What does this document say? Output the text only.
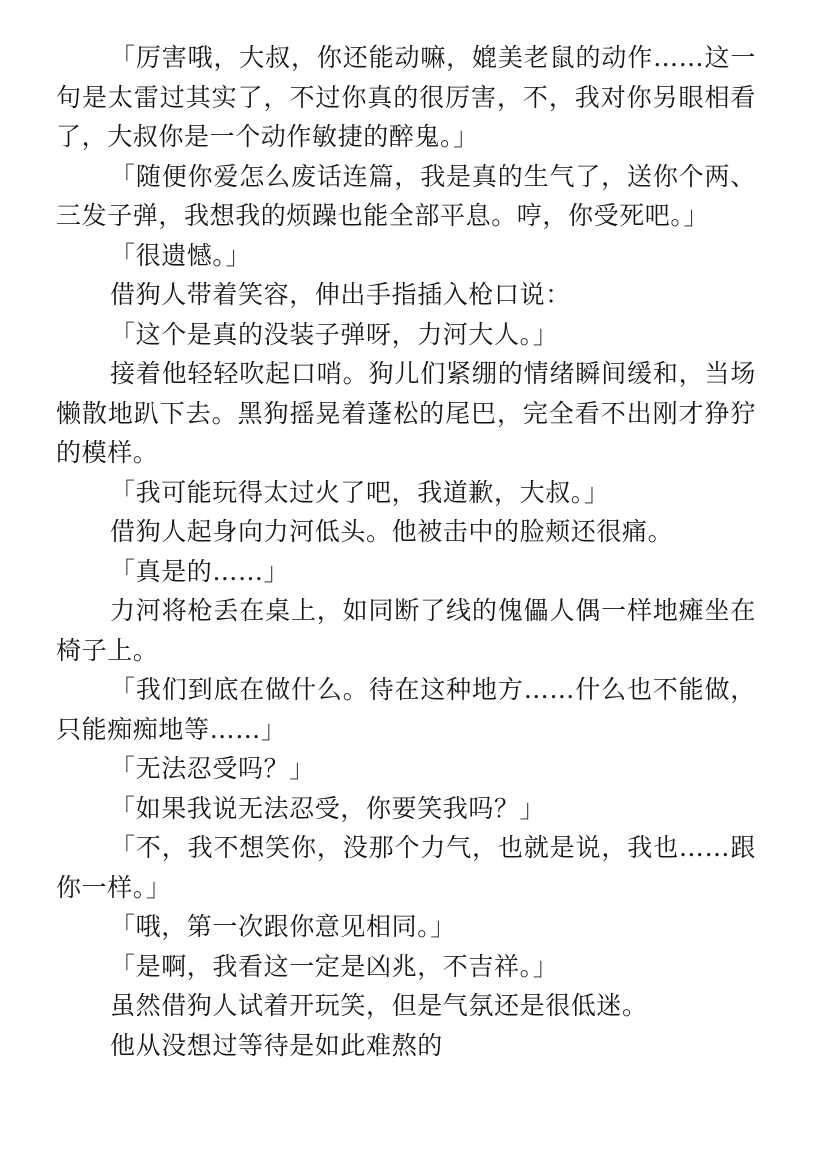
「厉害哦，大叔，你还能动嘛，媲美老鼠的动作……这一句是太雷过其实了，不过你真的很厉害，不，我对你另眼相看了，大叔你是一个动作敏捷的醉鬼。」

「随便你爱怎么废话连篇，我是真的生气了，送你个两、三发子弹，我想我的烦躁也能全部平息。哼，你受死吧。」

「很遗憾。」

借狗人带着笑容，伸出手指插入枪口说：

「这个是真的没装子弹呀，力河大人。」

接着他轻轻吹起口哨。狗儿们紧绷的情绪瞬间缓和，当场懒散地趴下去。黑狗摇晃着蓬松的尾巴，完全看不出刚才狰狞的模样。

「我可能玩得太过火了吧，我道歉，大叔。」

借狗人起身向力河低头。他被击中的脸颊还很痛。

「真是的……」

力河将枪丢在桌上，如同断了线的傀儡人偶一样地瘫坐在椅子上。

「我们到底在做什么。待在这种地方……什么也不能做，只能痴痴地等……」

「无法忍受吗？」

「如果我说无法忍受，你要笑我吗？」

「不，我不想笑你，没那个力气，也就是说，我也……跟你一样。」

「哦，第一次跟你意见相同。」

「是啊，我看这一定是凶兆，不吉祥。」

虽然借狗人试着开玩笑，但是气氛还是很低迷。

他从没想过等待是如此难熬的
